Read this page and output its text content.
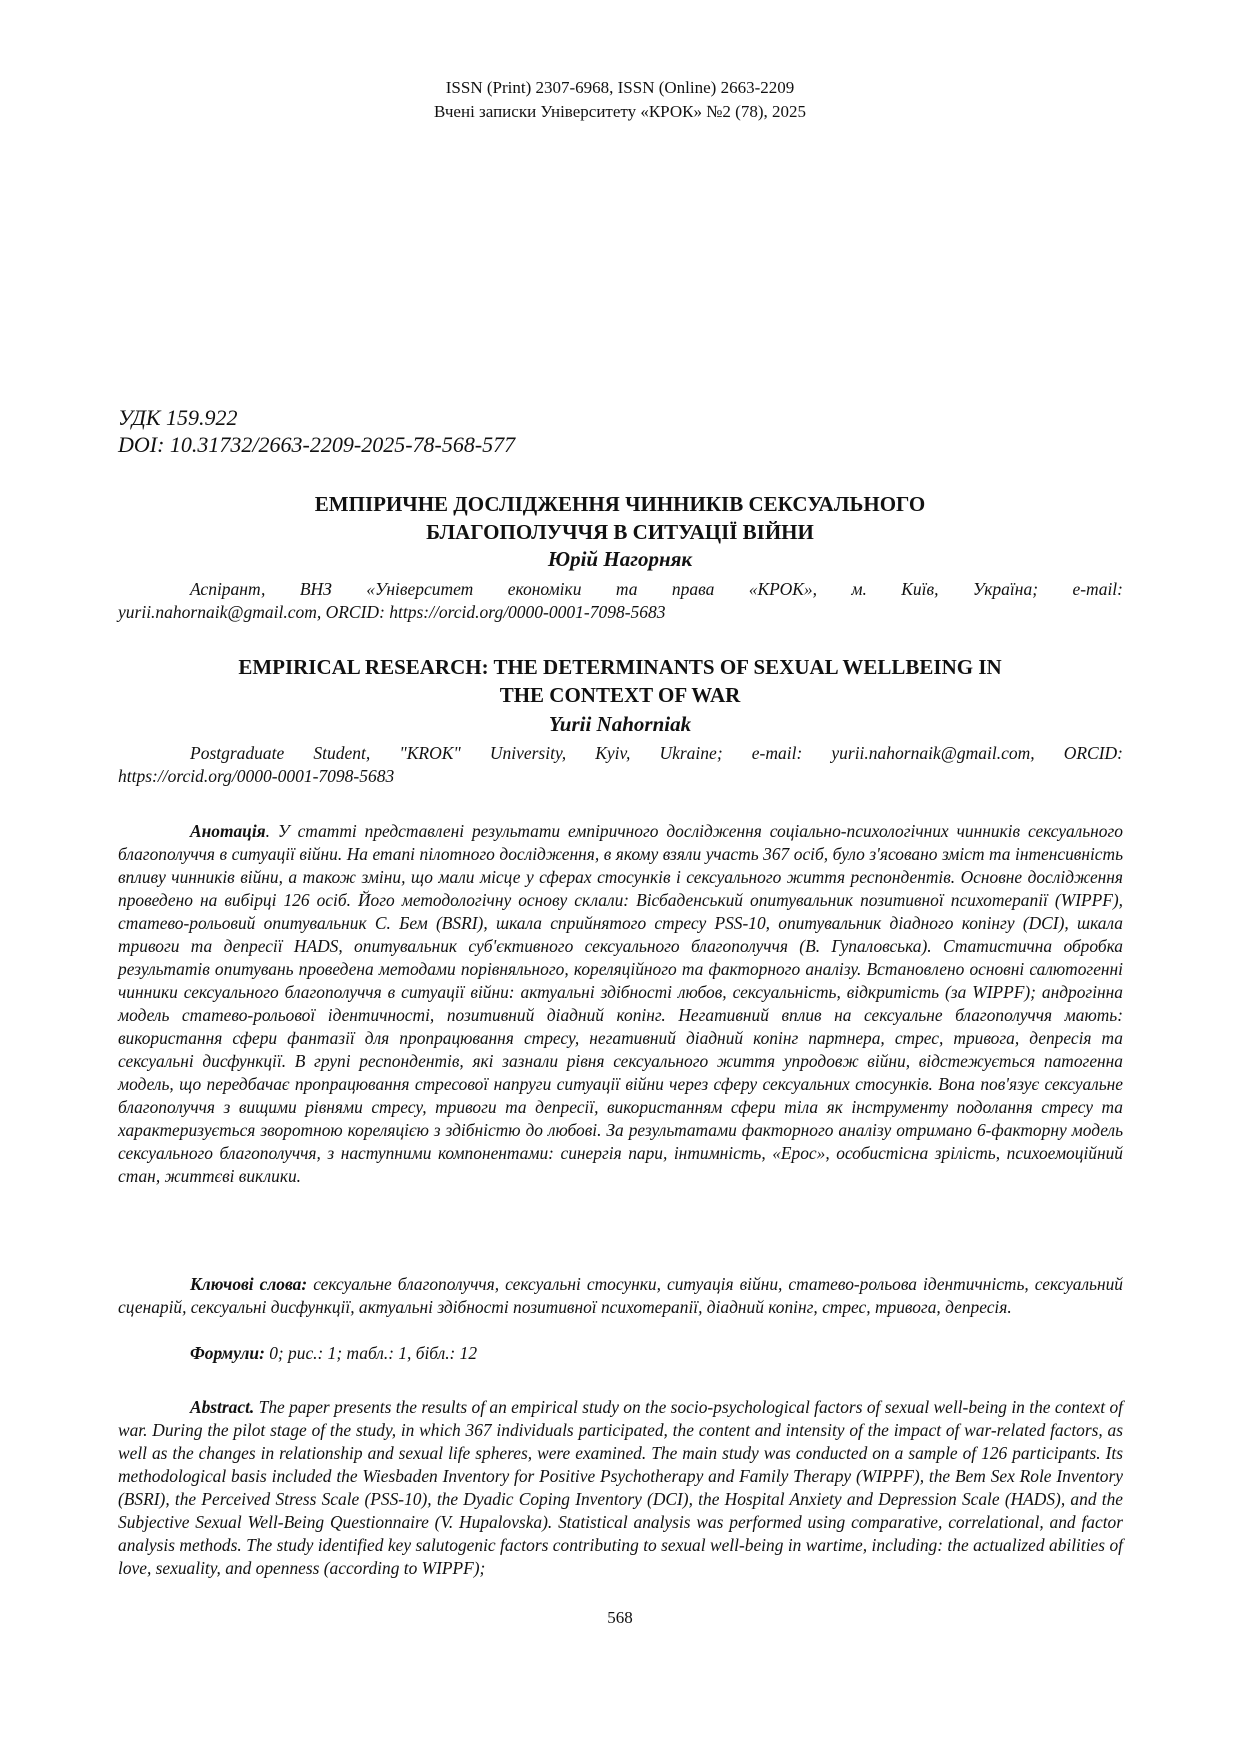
ISSN (Print) 2307-6968, ISSN (Online) 2663-2209
Вчені записки Університету «КРОК» №2 (78), 2025
УДК 159.922
DOI: 10.31732/2663-2209-2025-78-568-577
ЕМПІРИЧНЕ ДОСЛІДЖЕННЯ ЧИННИКІВ СЕКСУАЛЬНОГО
БЛАГОПОЛУЧЧЯ В СИТУАЦІЇ ВІЙНИ
Юрій Нагорняк
Аспірант, ВНЗ «Університет економіки та права «КРОК», м. Київ, Україна; e-mail:
yurii.nahornaik@gmail.com, ORCID: https://orcid.org/0000-0001-7098-5683
EMPIRICAL RESEARCH: THE DETERMINANTS OF SEXUAL WELLBEING IN
THE CONTEXT OF WAR
Yurii Nahorniak
Postgraduate Student, "KROK" University, Kyiv, Ukraine; e-mail: yurii.nahornaik@gmail.com, ORCID:
https://orcid.org/0000-0001-7098-5683

Анотація. У статті представлені результати емпіричного дослідження соціально-психологічних чинників сексуального благополуччя в ситуації війни. На етапі пілотного дослідження, в якому взяли участь 367 осіб, було з'ясовано зміст та інтенсивність впливу чинників війни, а також зміни, що мали місце у сферах стосунків і сексуального життя респондентів. Основне дослідження проведено на вибірці 126 осіб. Його методологічну основу склали: Вісбаденський опитувальник позитивної психотерапії (WIPPF), статево-рольовий опитувальник С. Бем (BSRI), шкала сприйнятого стресу PSS-10, опитувальник діадного копінгу (DCI), шкала тривоги та депресії HADS, опитувальник суб'єктивного сексуального благополуччя (В. Гупаловська). Статистична обробка результатів опитувань проведена методами порівняльного, кореляційного та факторного аналізу. Встановлено основні салютогенні чинники сексуального благополуччя в ситуації війни: актуальні здібності любов, сексуальність, відкритість (за WIPPF); андрогінна модель статево-рольової ідентичності, позитивний діадний копінг. Негативний вплив на сексуальне благополуччя мають: використання сфери фантазії для пропрацювання стресу, негативний діадний копінг партнера, стрес, тривога, депресія та сексуальні дисфункції. В групі респондентів, які зазнали рівня сексуального життя упродовж війни, відстежується патогенна модель, що передбачає пропрацювання стресової напруги ситуації війни через сферу сексуальних стосунків. Вона пов'язує сексуальне благополуччя з вищими рівнями стресу, тривоги та депресії, використанням сфери тіла як інструменту подолання стресу та характеризується зворотною кореляцією з здібністю до любові. За результатами факторного аналізу отримано 6-факторну модель сексуального благополуччя, з наступними компонентами: синергія пари, інтимність, «Ерос», особистісна зрілість, психоемоційний стан, життєві виклики.

Ключові слова: сексуальне благополуччя, сексуальні стосунки, ситуація війни, статево-рольова ідентичність, сексуальний сценарій, сексуальні дисфункції, актуальні здібності позитивної психотерапії, діадний копінг, стрес, тривога, депресія.

Формули: 0; рис.: 1; табл.: 1, бібл.: 12

Abstract. The paper presents the results of an empirical study on the socio-psychological factors of sexual well-being in the context of war. During the pilot stage of the study, in which 367 individuals participated, the content and intensity of the impact of war-related factors, as well as the changes in relationship and sexual life spheres, were examined. The main study was conducted on a sample of 126 participants. Its methodological basis included the Wiesbaden Inventory for Positive Psychotherapy and Family Therapy (WIPPF), the Bem Sex Role Inventory (BSRI), the Perceived Stress Scale (PSS-10), the Dyadic Coping Inventory (DCI), the Hospital Anxiety and Depression Scale (HADS), and the Subjective Sexual Well-Being Questionnaire (V. Hupalovska). Statistical analysis was performed using comparative, correlational, and factor analysis methods. The study identified key salutogenic factors contributing to sexual well-being in wartime, including: the actualized abilities of love, sexuality, and openness (according to WIPPF);

568
